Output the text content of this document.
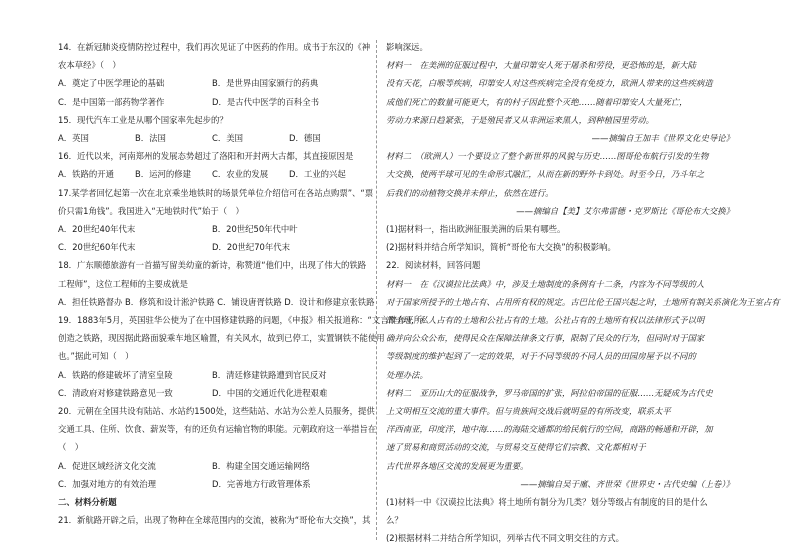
14．在新冠肺炎疫情防控过程中，我们再次见证了中医药的作用。成书于东汉的《神
农本草经》（　）
A．奠定了中医学理论的基础	B．是世界由国家颁行的药典
C．是中国第一部药物学著作	D．是古代中医学的百科全书
15．现代汽车工业是从哪个国家率先起步的？
A．英国	B．法国	C．美国	D．德国
16．近代以来，河南郑州的发展态势超过了洛阳和开封两大古都，其直接原因是
A．铁路的开通	B．运河的修建	C．农业的发展	D．工业的兴起
17.某学者回忆起第一次在北京乘坐地铁时的场景凭单位介绍信可在各站点购票”、“票
价只需1角钱”。我国进入“无地铁时代”始于（　）
A．20世纪40年代末	B．20世纪50年代中叶
C．20世纪60年代末	D．20世纪70年代末
18．广东顺德旅游有一首描写留美幼童的新诗，称赞道“他们中，出现了伟大的铁路
工程师”，这位工程师的主要成就是
A．担任铁路督办 B．修筑和设计淞沪铁路 C．铺设唐胥铁路 D．设计和修建京张铁路
19．1883年5月，英国驻华公使为了在中国修建铁路的问题，《申报》相关报道称：“文言醉奔王所
创造之铁路，现因据此路面貌乘车地区喻置，有关风水，故到已停工，实置钢铁不能使用
也。”据此可知（　）
A．铁路的修建破坏了清室皇陵	B．清廷修建铁路遭到官民反对
C．清政府对修建铁路意见一致	D．中国的交通近代化进程艰难
20．元朝在全国共设有陆站、水站约1500处，这些陆站、水站为公差人员服务，提供
交通工具、住所、饮食、薪炭等，有的还负有运输官物的职能。元朝政府这一举措旨在
（　）
A．促进区域经济文化交流	B．构建全国交通运输网络
C．加强对地方的有效治理	D．完善地方行政管理体系
二、材料分析题
21．新航路开辟之后，出现了物种在全球范围内的交流，被称为“哥伦布大交换”，其
影响深远。
材料一　在美洲的征服过程中，大量印第安人死于屠杀和劳役，更恐怖的是，新大陆
没有天花，白喉等疾病，印第安人对这些疾病完全没有免疫力，欧洲人带来的这些疾病造
成他们死亡的数量可能更大，有的村子因此整个灭绝……随着印第安人大量死亡，
劳动力来源日趋紧张，于是殖民者又从非洲运来黑人，到种植园里劳动。
——摘编自王加丰《世界文化史导论》
材料二　（欧洲人）一个要设立了整个新世界的风貌与历史……图哥伦布航行引发的生物
大交换，使两半球可见的生命形式融汇，从而在新的野外卡到处。时至今日，乃斗年之
后我们的动植物交换并未停止，依然在进行。
——摘编自【美】艾尔弗雷德・克罗斯比《哥伦布大交换》
(1)据材料一，指出欧洲征服美洲的后果有哪些。
(2)据材料并结合所学知识，简析“哥伦布大交换”的积极影响。
22．阅读材料，回答问题
材料一　在《汉谟拉比法典》中，涉及土地制度的条例有十二条，内容为不同等级的人
对于国家所授予的土地占有、占用所有权的规定。古巴比伦王国兴起之时，土地所有制关系演化为王室占有
的土地，私人占有的土地和公社占有的土地。公社占有的土地所有权以法律形式予以明
确并向公众公布，使得民众在保障法律条文行事，限制了民众的行为，但同时对于国家
等级制度的维护起到了一定的效果，对于不同等级的不同人员的田园房屋予以不同的
处理办法。
材料二　亚历山大的征服战争，罗马帝国的扩张，阿拉伯帝国的征服……无疑成为古代史
上文明相互交流的重大事件。但与贵族间交战后就明显的有所改变，联系太平
洋西南亚，印度洋，地中海……的海陆交通都的给民航行的空间，商路的畅通和开辟，加
速了贸易和商贸活动的交流，与贸易交互使得它们宗教、文化都相对于
古代世界各地区交流的发展更为重要。
——摘编自吴于廑、齐世荣《世界史・古代史编（上卷）》
(1)材料一中《汉谟拉比法典》将土地所有制分为几类？划分等级占有制度的目的是什么
么？
(2)根据材料二并结合所学知识，列举古代不同文明交往的方式。
